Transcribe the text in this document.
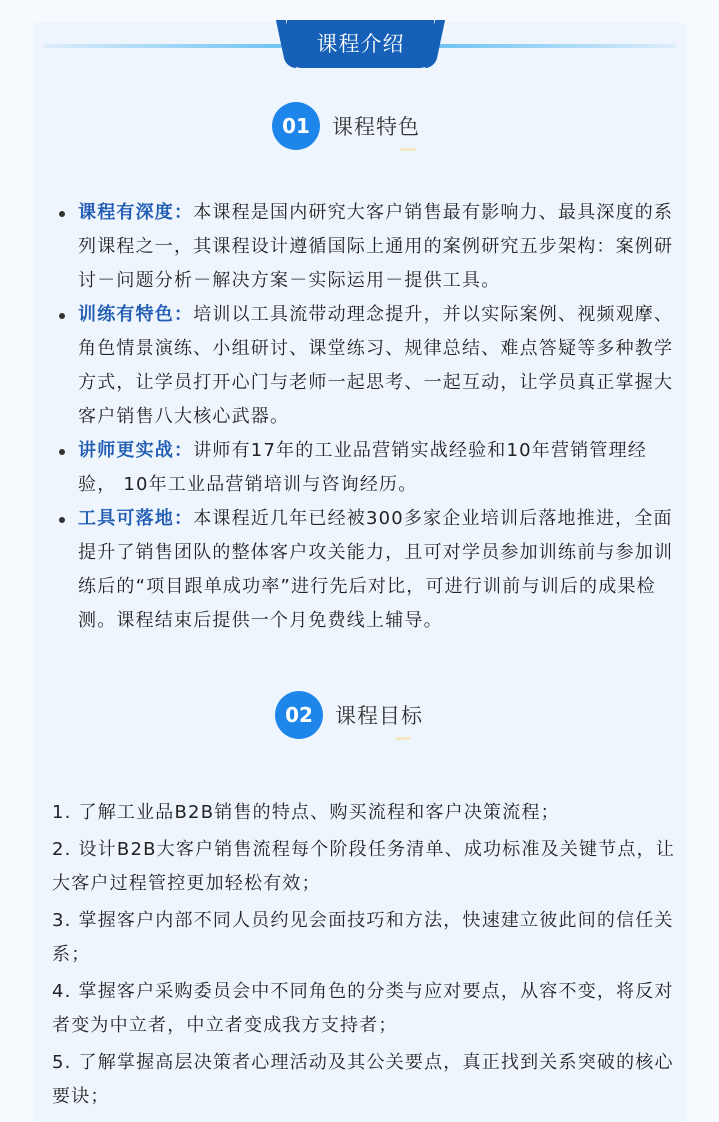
课程介绍
01	课程特色
课程有深度：本课程是国内研究大客户销售最有影响力、最具深度的系列课程之一，其课程设计遵循国际上通用的案例研究五步架构：案例研讨－问题分析－解决方案－实际运用－提供工具。
训练有特色：培训以工具流带动理念提升，并以实际案例、视频观摩、角色情景演练、小组研讨、课堂练习、规律总结、难点答疑等多种教学方式，让学员打开心门与老师一起思考、一起互动，让学员真正掌握大客户销售八大核心武器。
讲师更实战：讲师有17年的工业品营销实战经验和10年营销管理经验， 10年工业品营销培训与咨询经历。
工具可落地：本课程近几年已经被300多家企业培训后落地推进，全面提升了销售团队的整体客户攻关能力，且可对学员参加训练前与参加训练后的“项目跟单成功率”进行先后对比，可进行训前与训后的成果检测。课程结束后提供一个月免费线上辅导。
02	课程目标
1. 了解工业品B2B销售的特点、购买流程和客户决策流程；
2. 设计B2B大客户销售流程每个阶段任务清单、成功标准及关键节点，让大客户过程管控更加轻松有效；
3. 掌握客户内部不同人员约见会面技巧和方法，快速建立彼此间的信任关系；
4. 掌握客户采购委员会中不同角色的分类与应对要点，从容不变，将反对者变为中立者，中立者变成我方支持者；
5. 了解掌握高层决策者心理活动及其公关要点，真正找到关系突破的核心要诀；
